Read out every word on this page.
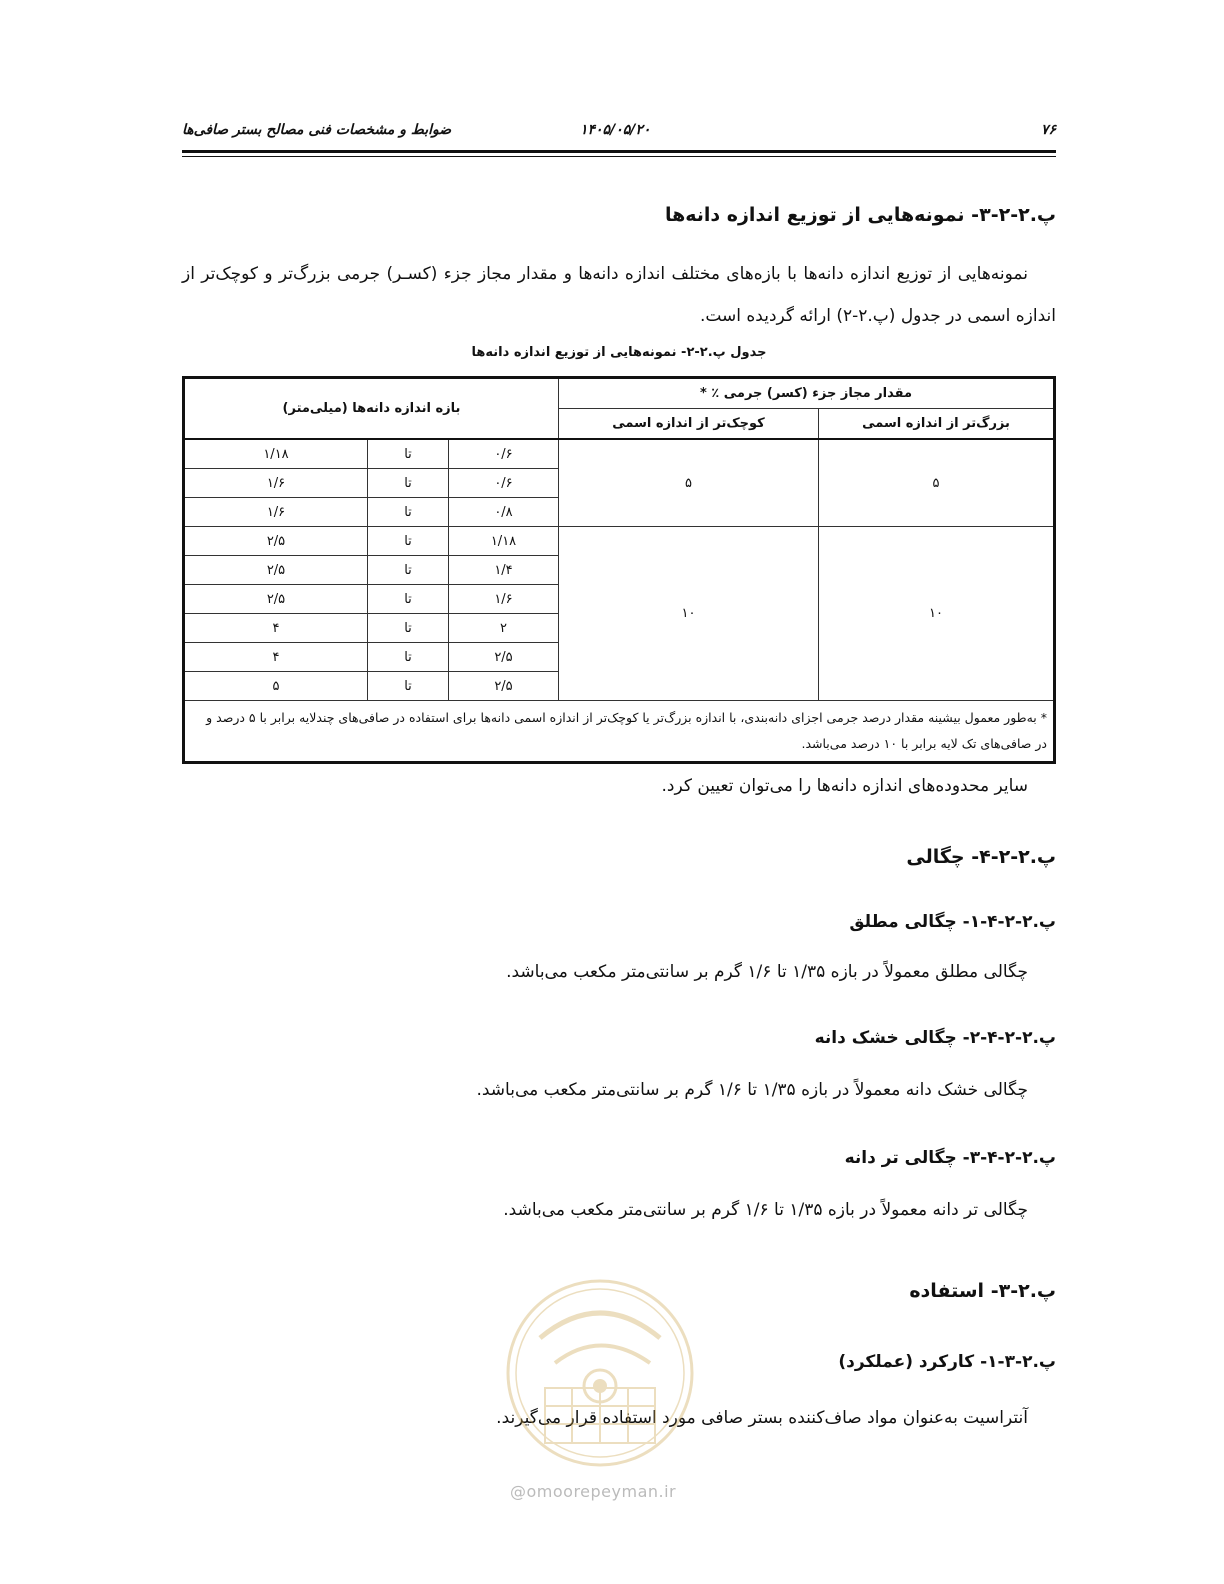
۷۶
۱۴۰۵/۰۵/۲۰
ضوابط و مشخصات فنی مصالح بستر صافی‌ها
پ.۲-۲-۳- نمونه‌هایی از توزیع اندازه دانه‌ها
نمونه‌هایی از توزیع اندازه دانه‌ها با بازه‌های مختلف اندازه دانه‌ها و مقدار مجاز جزء (کسـر) جرمی بزرگ‌تر و کوچک‌تر از اندازه اسمی در جدول (پ.۲-۲) ارائه گردیده است.
جدول پ.۲-۲- نمونه‌هایی از توزیع اندازه دانه‌ها
مقدار مجاز جزء (کسر) جرمی ٪ *		بازه اندازه دانه‌ها (میلی‌متر)		
بزرگ‌تر از اندازه اسمی	کوچک‌تر از اندازه اسمی			
۵	۵	۰/۶	تا	۱/۱۸
		۰/۶	تا	۱/۶
		۰/۸	تا	۱/۶
۱۰	۱۰	۱/۱۸	تا	۲/۵
		۱/۴	تا	۲/۵
		۱/۶	تا	۲/۵
		۲	تا	۴
		۲/۵	تا	۴
		۲/۵	تا	۵
* به‌طور معمول بیشینه مقدار درصد جرمی اجزای دانه‌بندی، با اندازه بزرگ‌تر یا کوچک‌تر از اندازه اسمی دانه‌ها برای استفاده در صافی‌های چندلایه برابر با ۵ درصد و در صافی‌های تک لایه برابر با ۱۰ درصد می‌باشد.				
سایر محدوده‌های اندازه دانه‌ها را می‌توان تعیین کرد.
پ.۲-۲-۴- چگالی
پ.۲-۲-۴-۱- چگالی مطلق
چگالی مطلق معمولاً در بازه ۱/۳۵ تا ۱/۶ گرم بر سانتی‌متر مکعب می‌باشد.
پ.۲-۲-۴-۲- چگالی خشک دانه
چگالی خشک دانه معمولاً در بازه ۱/۳۵ تا ۱/۶ گرم بر سانتی‌متر مکعب می‌باشد.
پ.۲-۲-۴-۳- چگالی تر دانه
چگالی تر دانه معمولاً در بازه ۱/۳۵ تا ۱/۶ گرم بر سانتی‌متر مکعب می‌باشد.
پ.۲-۳- استفاده
پ.۲-۳-۱- کارکرد (عملکرد)
آنتراسیت به‌عنوان مواد صاف‌کننده بستر صافی مورد استفاده قرار می‌گیرند.
@omoorepeyman.ir
